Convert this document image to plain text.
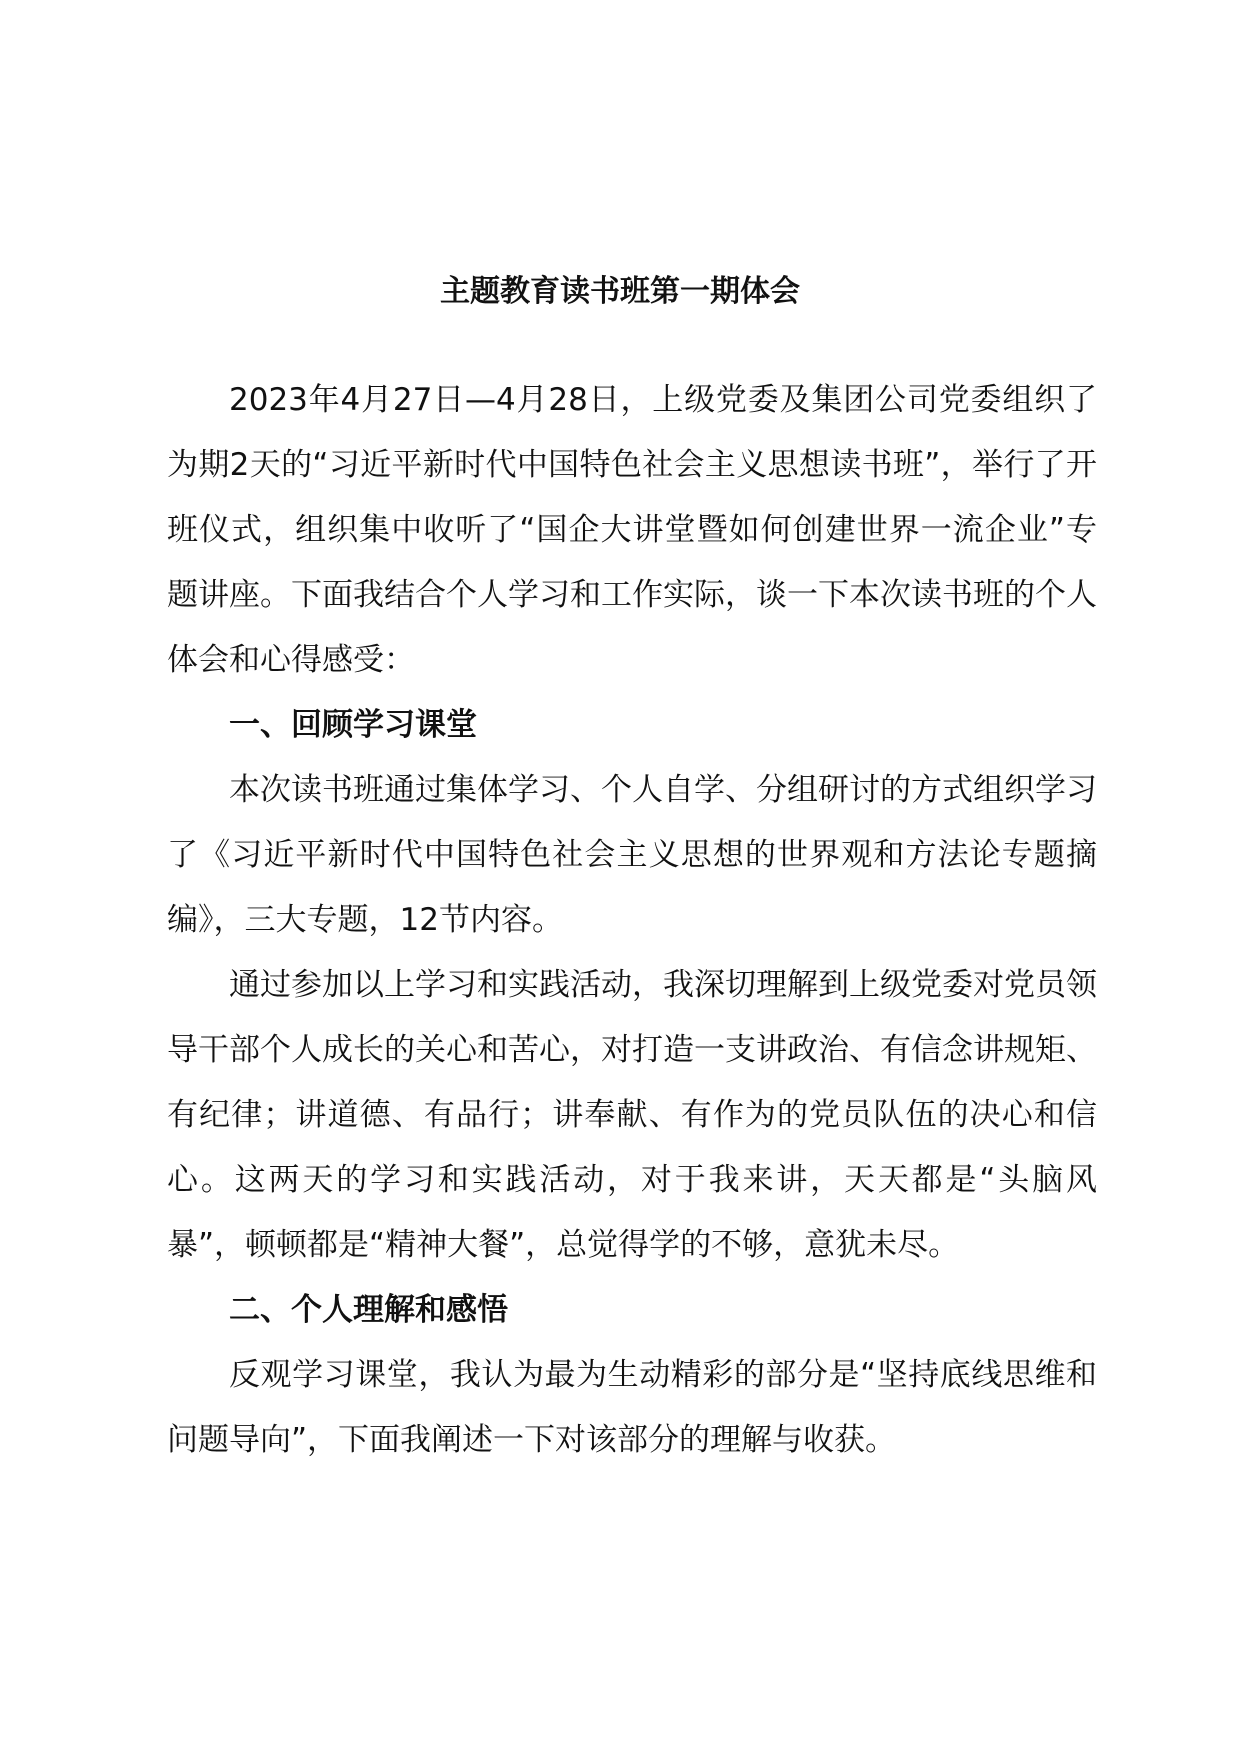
主题教育读书班第一期体会

2023年4月27日—4月28日，上级党委及集团公司党委组织了为期2天的“习近平新时代中国特色社会主义思想读书班”，举行了开班仪式，组织集中收听了“国企大讲堂暨如何创建世界一流企业”专题讲座。下面我结合个人学习和工作实际，谈一下本次读书班的个人体会和心得感受：

一、回顾学习课堂

本次读书班通过集体学习、个人自学、分组研讨的方式组织学习了《习近平新时代中国特色社会主义思想的世界观和方法论专题摘编》，三大专题，12节内容。

通过参加以上学习和实践活动，我深切理解到上级党委对党员领导干部个人成长的关心和苦心，对打造一支讲政治、有信念讲规矩、有纪律；讲道德、有品行；讲奉献、有作为的党员队伍的决心和信心。这两天的学习和实践活动，对于我来讲，天天都是“头脑风暴”，顿顿都是“精神大餐”，总觉得学的不够，意犹未尽。

二、个人理解和感悟

反观学习课堂，我认为最为生动精彩的部分是“坚持底线思维和问题导向”，下面我阐述一下对该部分的理解与收获。
